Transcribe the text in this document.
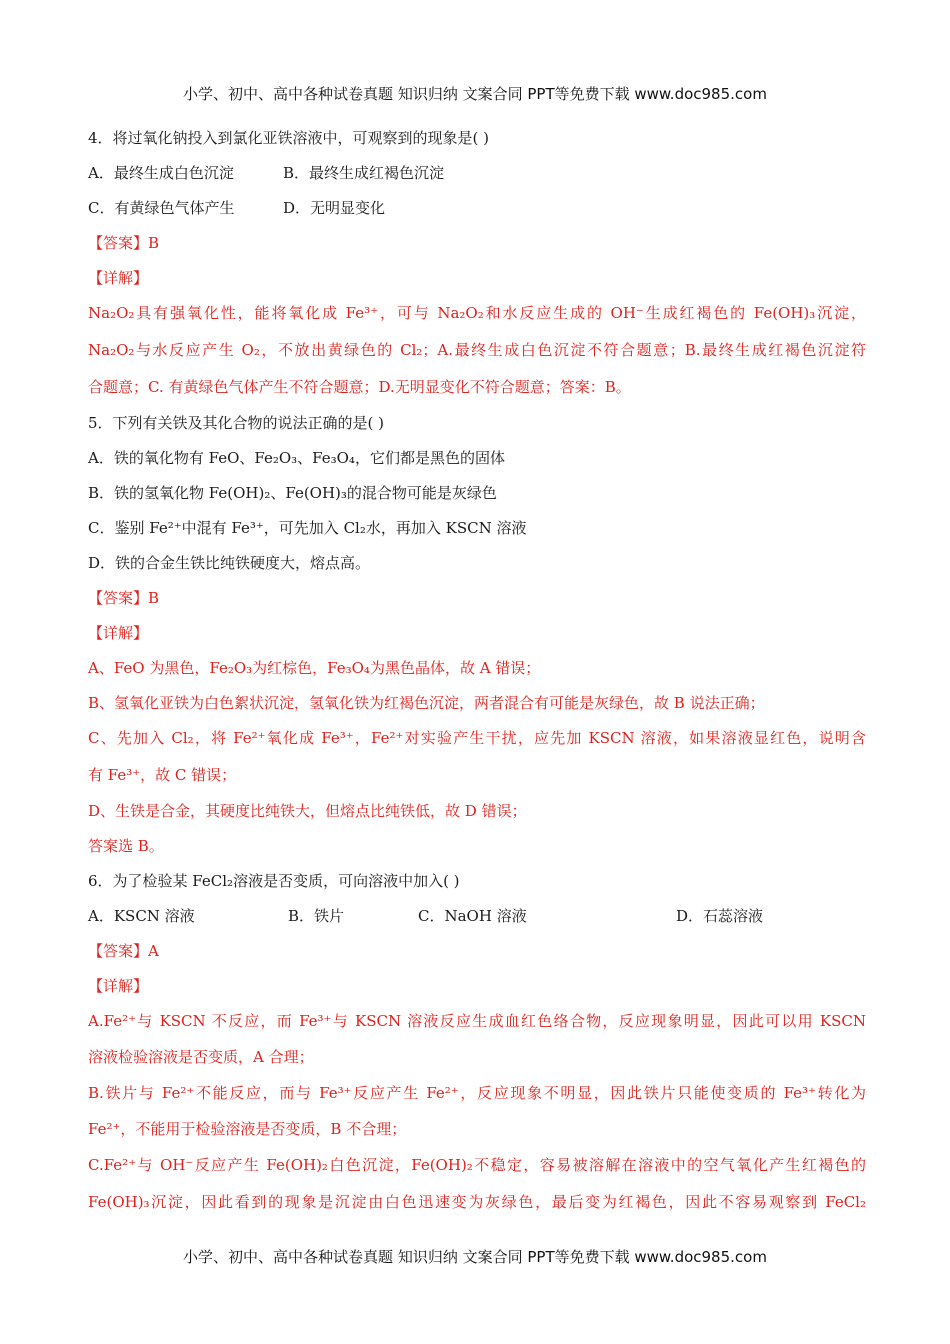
小学、初中、高中各种试卷真题 知识归纳 文案合同 PPT等免费下载 www.doc985.com
4．将过氧化钠投入到氯化亚铁溶液中，可观察到的现象是( )
A．最终生成白色沉淀	B．最终生成红褐色沉淀
C．有黄绿色气体产生	D．无明显变化
【答案】B
【详解】
Na₂O₂具有强氧化性，能将氧化成 Fe³⁺，可与 Na₂O₂和水反应生成的 OH⁻生成红褐色的 Fe(OH)₃沉淀，
Na₂O₂与水反应产生 O₂，不放出黄绿色的 Cl₂；A.最终生成白色沉淀不符合题意；B.最终生成红褐色沉淀符
合题意；C. 有黄绿色气体产生不符合题意；D.无明显变化不符合题意；答案：B。
5．下列有关铁及其化合物的说法正确的是( )
A．铁的氧化物有 FeO、Fe₂O₃、Fe₃O₄，它们都是黑色的固体
B．铁的氢氧化物 Fe(OH)₂、Fe(OH)₃的混合物可能是灰绿色
C．鉴别 Fe²⁺中混有 Fe³⁺，可先加入 Cl₂水，再加入 KSCN 溶液
D．铁的合金生铁比纯铁硬度大，熔点高。
【答案】B
【详解】
A、FeO 为黑色，Fe₂O₃为红棕色，Fe₃O₄为黑色晶体，故 A 错误；
B、氢氧化亚铁为白色絮状沉淀，氢氧化铁为红褐色沉淀，两者混合有可能是灰绿色，故 B 说法正确；
C、先加入 Cl₂，将 Fe²⁺氧化成 Fe³⁺，Fe²⁺对实验产生干扰，应先加 KSCN 溶液，如果溶液显红色，说明含
有 Fe³⁺，故 C 错误；
D、生铁是合金，其硬度比纯铁大，但熔点比纯铁低，故 D 错误；
答案选 B。
6．为了检验某 FeCl₂溶液是否变质，可向溶液中加入( )
A．KSCN 溶液	B．铁片	C．NaOH 溶液	D．石蕊溶液
【答案】A
【详解】
A.Fe²⁺与 KSCN 不反应，而 Fe³⁺与 KSCN 溶液反应生成血红色络合物，反应现象明显，因此可以用 KSCN
溶液检验溶液是否变质，A 合理；
B.铁片与 Fe²⁺不能反应，而与 Fe³⁺反应产生 Fe²⁺，反应现象不明显，因此铁片只能使变质的 Fe³⁺转化为
Fe²⁺，不能用于检验溶液是否变质，B 不合理；
C.Fe²⁺与 OH⁻反应产生 Fe(OH)₂白色沉淀，Fe(OH)₂不稳定，容易被溶解在溶液中的空气氧化产生红褐色的
Fe(OH)₃沉淀，因此看到的现象是沉淀由白色迅速变为灰绿色，最后变为红褐色，因此不容易观察到 FeCl₂
小学、初中、高中各种试卷真题 知识归纳 文案合同 PPT等免费下载 www.doc985.com
